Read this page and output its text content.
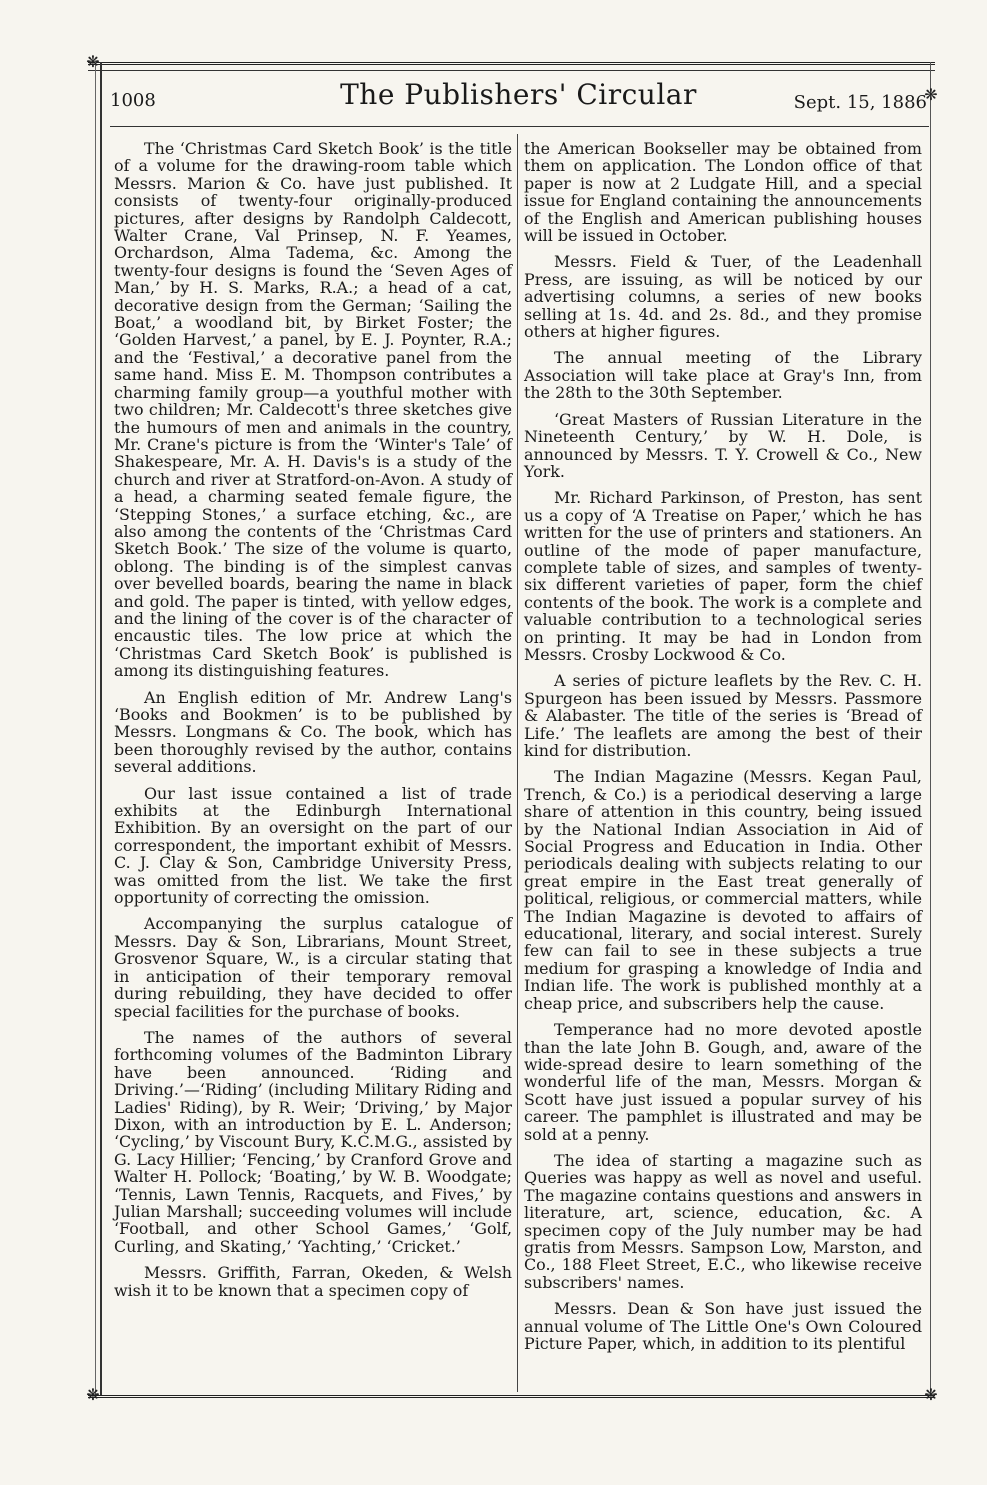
❋
❋
❋
❋
1008	The Publishers' Circular	Sept. 15, 1886

The ‘Christmas Card Sketch Book’ is the title of a volume for the drawing-room table which Messrs. Marion & Co. have just published. It consists of twenty-four originally-produced pictures, after designs by Randolph Caldecott, Walter Crane, Val Prinsep, N. F. Yeames, Orchardson, Alma Tadema, &c. Among the twenty-four designs is found the ‘Seven Ages of Man,’ by H. S. Marks, R.A.; a head of a cat, decorative design from the German; ‘Sailing the Boat,’ a woodland bit, by Birket Foster; the ‘Golden Harvest,’ a panel, by E. J. Poynter, R.A.; and the ‘Festival,’ a decorative panel from the same hand. Miss E. M. Thompson contributes a charming family group—a youthful mother with two children; Mr. Caldecott's three sketches give the humours of men and animals in the country, Mr. Crane's picture is from the ‘Winter's Tale’ of Shakespeare, Mr. A. H. Davis's is a study of the church and river at Stratford-on-Avon. A study of a head, a charming seated female figure, the ‘Stepping Stones,’ a surface etching, &c., are also among the contents of the ‘Christmas Card Sketch Book.’ The size of the volume is quarto, oblong. The binding is of the simplest canvas over bevelled boards, bearing the name in black and gold. The paper is tinted, with yellow edges, and the lining of the cover is of the character of encaustic tiles. The low price at which the ‘Christmas Card Sketch Book’ is published is among its distinguishing features.

An English edition of Mr. Andrew Lang's ‘Books and Bookmen’ is to be published by Messrs. Longmans & Co. The book, which has been thoroughly revised by the author, contains several additions.

Our last issue contained a list of trade exhibits at the Edinburgh International Exhibition. By an oversight on the part of our correspondent, the important exhibit of Messrs. C. J. Clay & Son, Cambridge University Press, was omitted from the list. We take the first opportunity of correcting the omission.

Accompanying the surplus catalogue of Messrs. Day & Son, Librarians, Mount Street, Grosvenor Square, W., is a circular stating that in anticipation of their temporary removal during rebuilding, they have decided to offer special facilities for the purchase of books.

The names of the authors of several forthcoming volumes of the Badminton Library have been announced. ‘Riding and Driving.’—‘Riding’ (including Military Riding and Ladies' Riding), by R. Weir; ‘Driving,’ by Major Dixon, with an introduction by E. L. Anderson; ‘Cycling,’ by Viscount Bury, K.C.M.G., assisted by G. Lacy Hillier; ‘Fencing,’ by Cranford Grove and Walter H. Pollock; ‘Boating,’ by W. B. Woodgate; ‘Tennis, Lawn Tennis, Racquets, and Fives,’ by Julian Marshall; succeeding volumes will include ‘Football, and other School Games,’ ‘Golf, Curling, and Skating,’ ‘Yachting,’ ‘Cricket.’

Messrs. Griffith, Farran, Okeden, & Welsh wish it to be known that a specimen copy of

the American Bookseller may be obtained from them on application. The London office of that paper is now at 2 Ludgate Hill, and a special issue for England containing the announcements of the English and American publishing houses will be issued in October.

Messrs. Field & Tuer, of the Leadenhall Press, are issuing, as will be noticed by our advertising columns, a series of new books selling at 1s. 4d. and 2s. 8d., and they promise others at higher figures.

The annual meeting of the Library Association will take place at Gray's Inn, from the 28th to the 30th September.

‘Great Masters of Russian Literature in the Nineteenth Century,’ by W. H. Dole, is announced by Messrs. T. Y. Crowell & Co., New York.

Mr. Richard Parkinson, of Preston, has sent us a copy of ‘A Treatise on Paper,’ which he has written for the use of printers and stationers. An outline of the mode of paper manufacture, complete table of sizes, and samples of twenty-six different varieties of paper, form the chief contents of the book. The work is a complete and valuable contribution to a technological series on printing. It may be had in London from Messrs. Crosby Lockwood & Co.

A series of picture leaflets by the Rev. C. H. Spurgeon has been issued by Messrs. Passmore & Alabaster. The title of the series is ‘Bread of Life.’ The leaflets are among the best of their kind for distribution.

The Indian Magazine (Messrs. Kegan Paul, Trench, & Co.) is a periodical deserving a large share of attention in this country, being issued by the National Indian Association in Aid of Social Progress and Education in India. Other periodicals dealing with subjects relating to our great empire in the East treat generally of political, religious, or commercial matters, while The Indian Magazine is devoted to affairs of educational, literary, and social interest. Surely few can fail to see in these subjects a true medium for grasping a knowledge of India and Indian life. The work is published monthly at a cheap price, and subscribers help the cause.

Temperance had no more devoted apostle than the late John B. Gough, and, aware of the wide-spread desire to learn something of the wonderful life of the man, Messrs. Morgan & Scott have just issued a popular survey of his career. The pamphlet is illustrated and may be sold at a penny.

The idea of starting a magazine such as Queries was happy as well as novel and useful. The magazine contains questions and answers in literature, art, science, education, &c. A specimen copy of the July number may be had gratis from Messrs. Sampson Low, Marston, and Co., 188 Fleet Street, E.C., who likewise receive subscribers' names.

Messrs. Dean & Son have just issued the annual volume of The Little One's Own Coloured Picture Paper, which, in addition to its plentiful
